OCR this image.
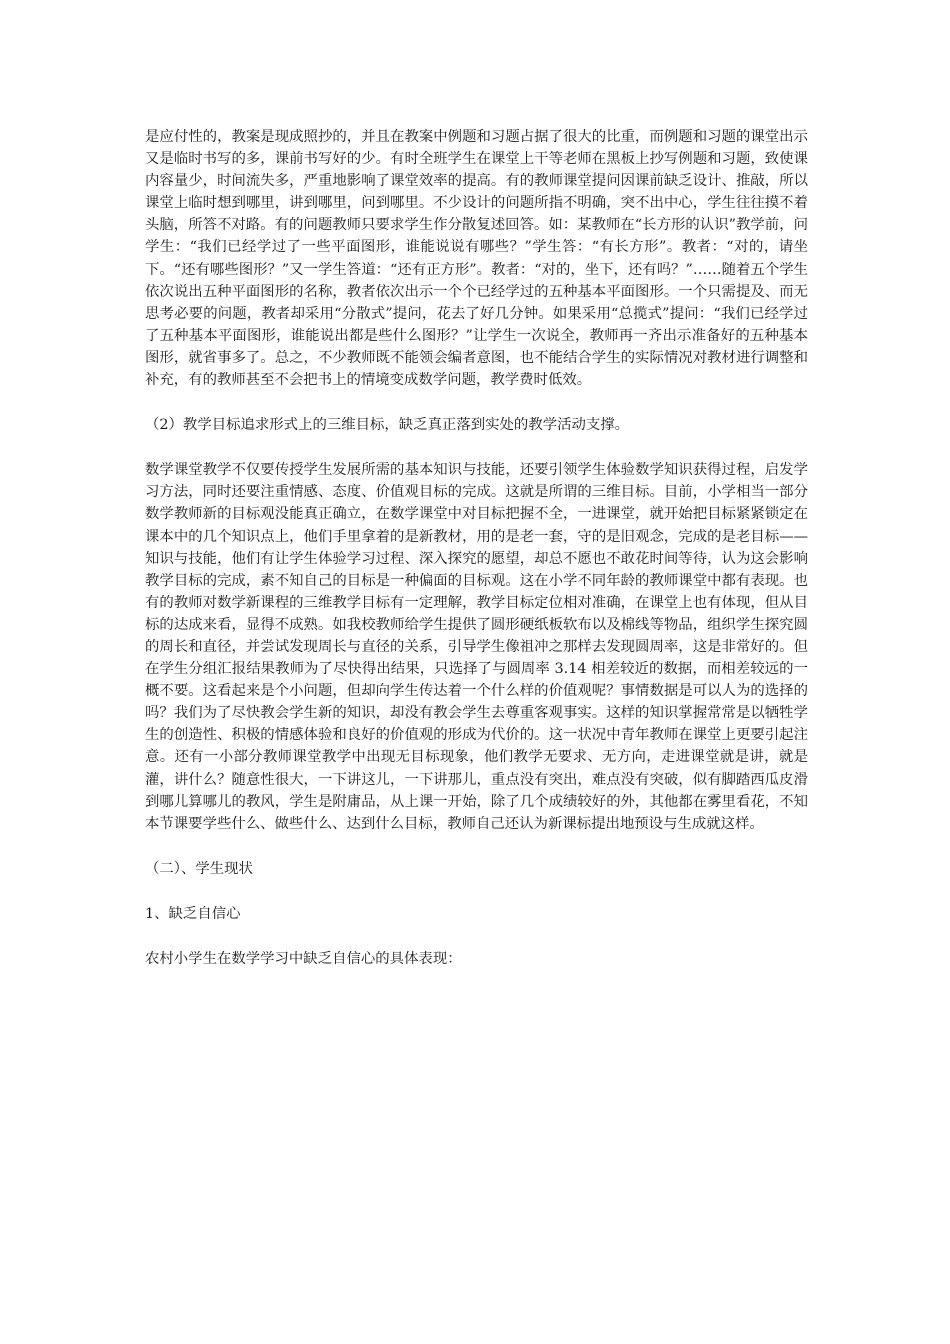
是应付性的，教案是现成照抄的，并且在教案中例题和习题占据了很大的比重，而例题和习题的课堂出示又是临时书写的多，课前书写好的少。有时全班学生在课堂上干等老师在黑板上抄写例题和习题，致使课内容量少，时间流失多，严重地影响了课堂效率的提高。有的教师课堂提问因课前缺乏设计、推敲，所以课堂上临时想到哪里，讲到哪里，问到哪里。不少设计的问题所指不明确，突不出中心，学生往往摸不着头脑，所答不对路。有的问题教师只要求学生作分散复述回答。如：某教师在“长方形的认识”教学前，问学生：“我们已经学过了一些平面图形，谁能说说有哪些？”学生答：“有长方形”。教者：“对的，请坐下。“还有哪些图形？”又一学生答道：“还有正方形”。教者：“对的，坐下，还有吗？”……随着五个学生依次说出五种平面图形的名称，教者依次出示一个个已经学过的五种基本平面图形。一个只需提及、而无思考必要的问题，教者却采用“分散式”提问，花去了好几分钟。如果采用“总揽式”提问：“我们已经学过了五种基本平面图形，谁能说出都是些什么图形？”让学生一次说全，教师再一齐出示准备好的五种基本图形，就省事多了。总之，不少教师既不能领会编者意图，也不能结合学生的实际情况对教材进行调整和补充，有的教师甚至不会把书上的情境变成数学问题，教学费时低效。

（2）教学目标追求形式上的三维目标，缺乏真正落到实处的教学活动支撑。

数学课堂教学不仅要传授学生发展所需的基本知识与技能，还要引领学生体验数学知识获得过程，启发学习方法，同时还要注重情感、态度、价值观目标的完成。这就是所谓的三维目标。目前，小学相当一部分数学教师新的目标观没能真正确立，在数学课堂中对目标把握不全，一进课堂，就开始把目标紧紧锁定在课本中的几个知识点上，他们手里拿着的是新教材，用的是老一套，守的是旧观念，完成的是老目标——知识与技能，他们有让学生体验学习过程、深入探究的愿望，却总不愿也不敢花时间等待，认为这会影响教学目标的完成，素不知自己的目标是一种偏面的目标观。这在小学不同年龄的教师课堂中都有表现。也有的教师对数学新课程的三维教学目标有一定理解，教学目标定位相对准确，在课堂上也有体现，但从目标的达成来看，显得不成熟。如我校教师给学生提供了圆形硬纸板软布以及棉线等物品，组织学生探究圆的周长和直径，并尝试发现周长与直径的关系，引导学生像祖冲之那样去发现圆周率，这是非常好的。但在学生分组汇报结果教师为了尽快得出结果，只选择了与圆周率 3.14 相差较近的数据，而相差较远的一概不要。这看起来是个小问题，但却向学生传达着一个什么样的价值观呢？事情数据是可以人为的选择的吗？我们为了尽快教会学生新的知识，却没有教会学生去尊重客观事实。这样的知识掌握常常是以牺牲学生的创造性、积极的情感体验和良好的价值观的形成为代价的。这一状况中青年教师在课堂上更要引起注意。还有一小部分教师课堂教学中出现无目标现象，他们教学无要求、无方向，走进课堂就是讲，就是灌，讲什么？随意性很大，一下讲这儿，一下讲那儿，重点没有突出，难点没有突破，似有脚踏西瓜皮滑到哪儿算哪儿的教风，学生是附庸品，从上课一开始，除了几个成绩较好的外，其他都在雾里看花，不知本节课要学些什么、做些什么、达到什么目标，教师自己还认为新课标提出地预设与生成就这样。

（二）、学生现状

1、缺乏自信心

农村小学生在数学学习中缺乏自信心的具体表现：
